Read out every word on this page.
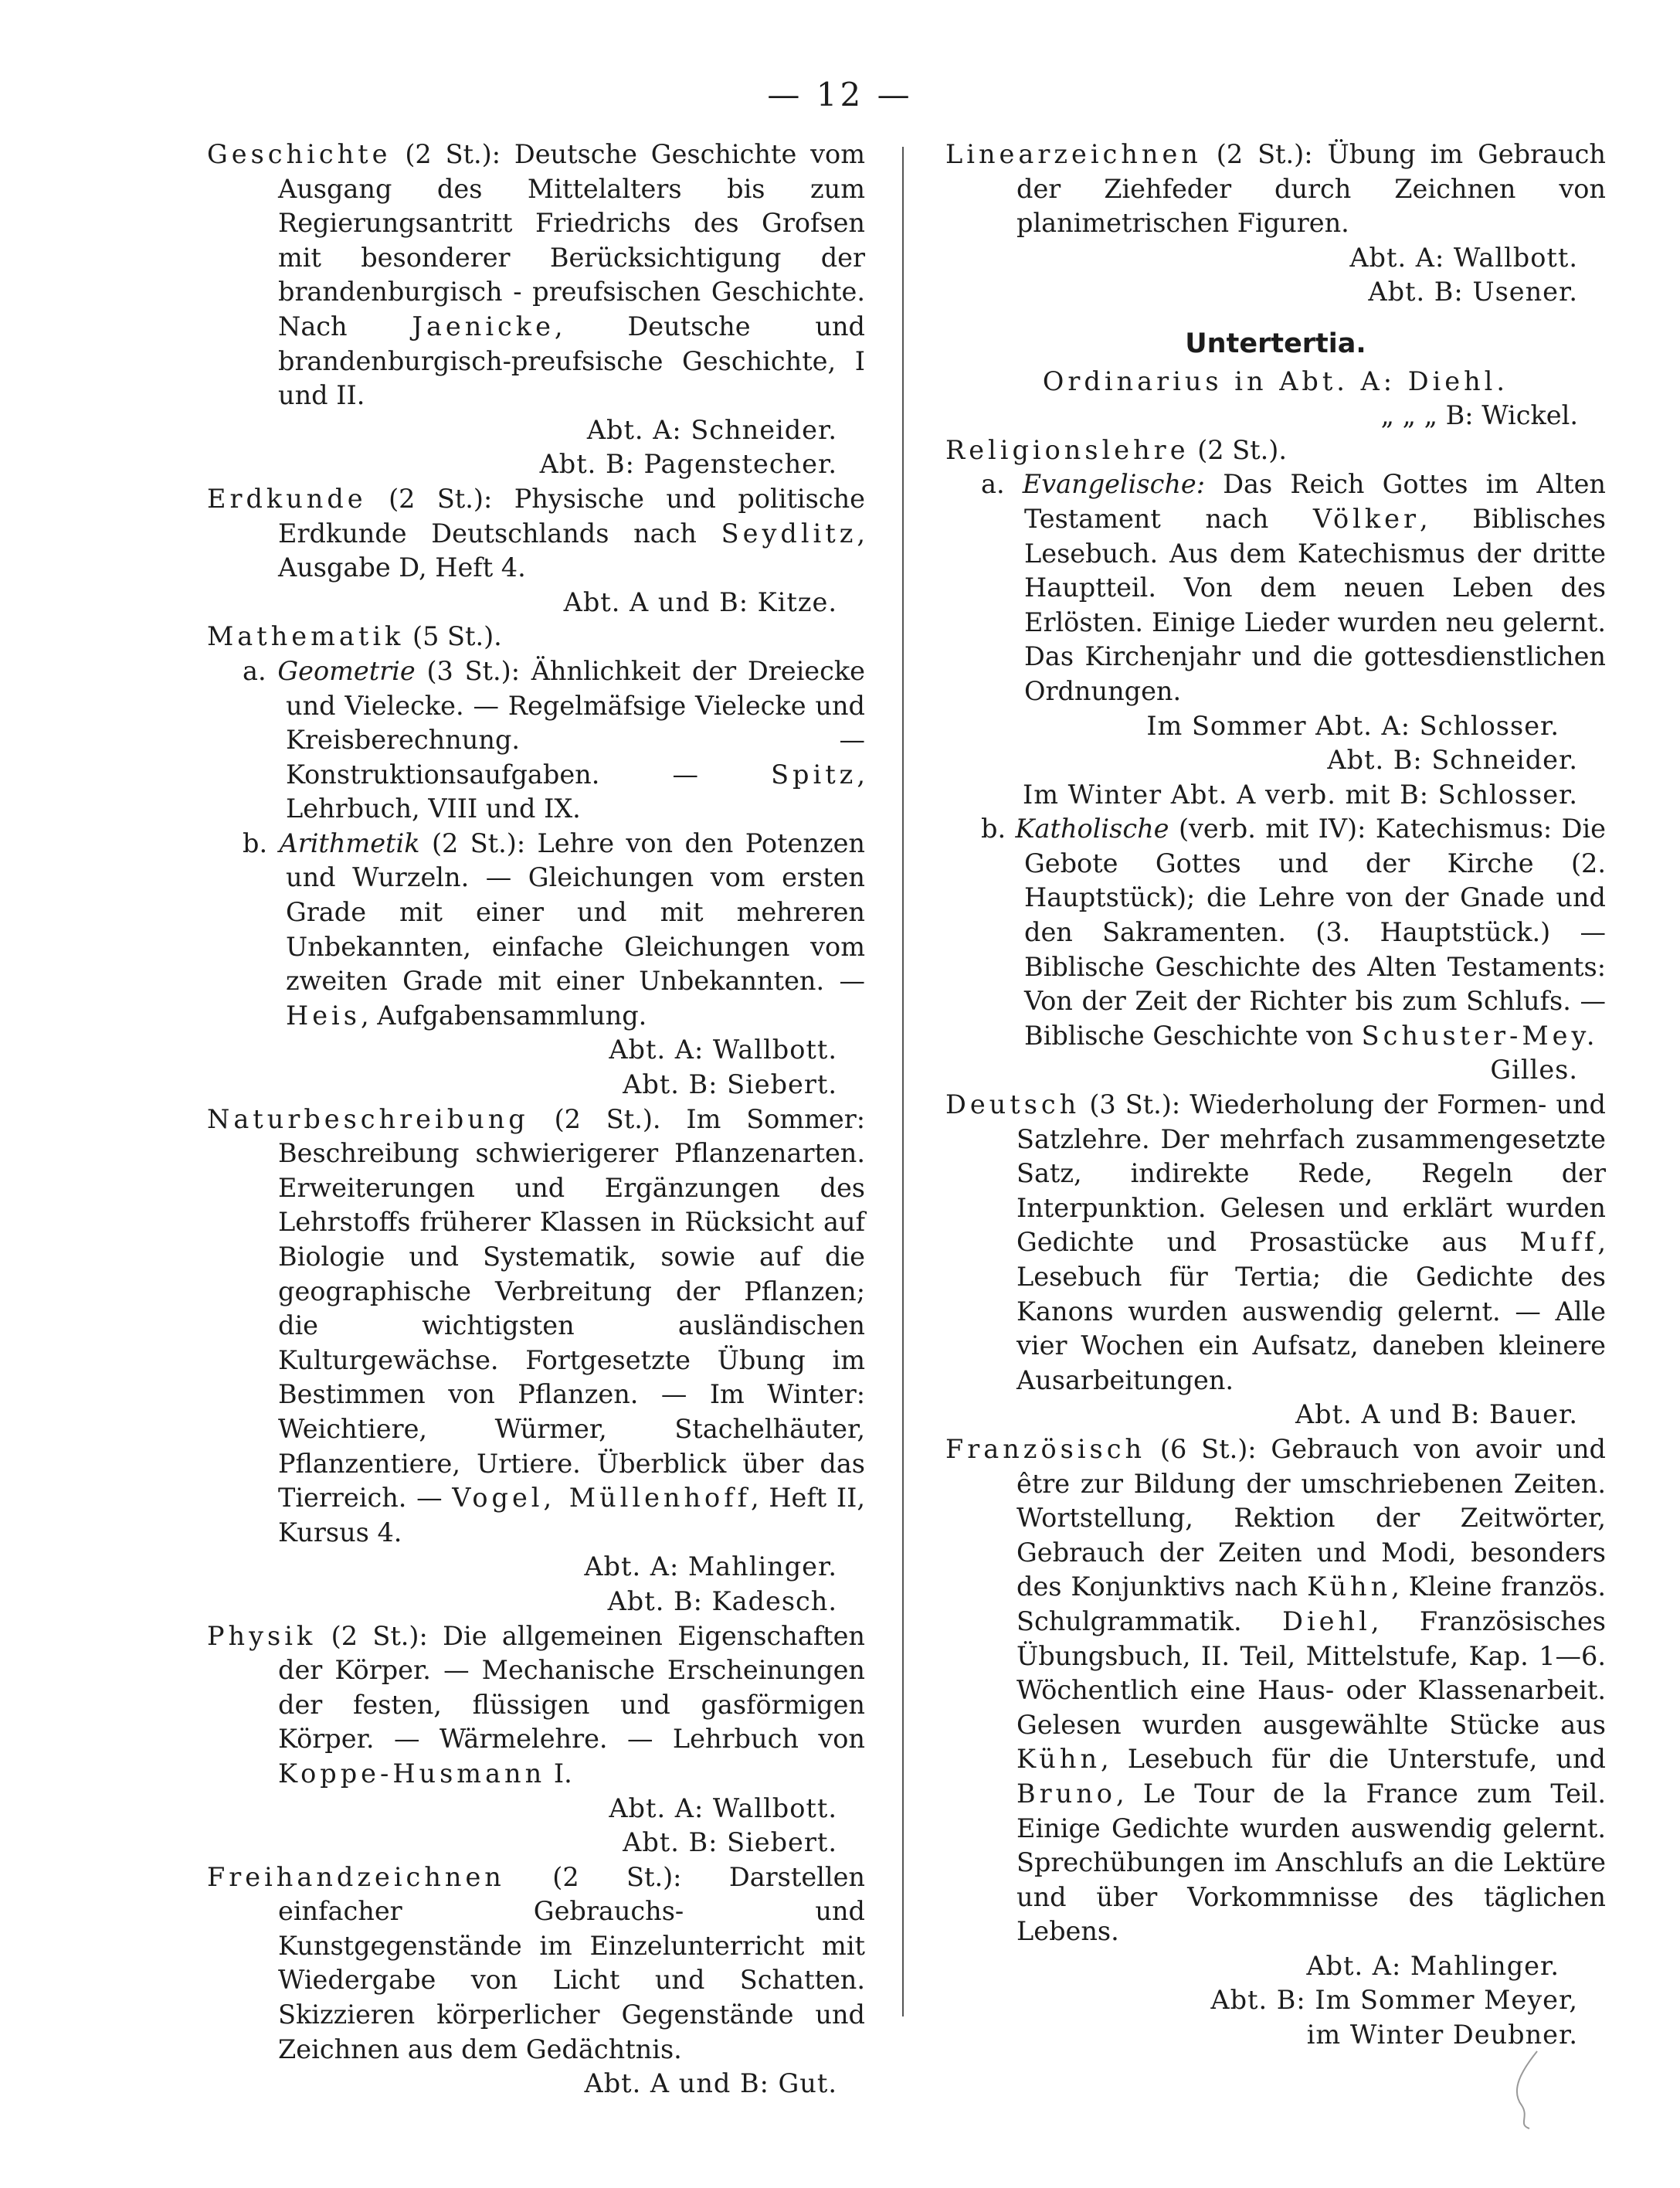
— 12 —
Geschichte (2 St.): Deutsche Geschichte vom Ausgang des Mittelalters bis zum Regierungsantritt Friedrichs des Grofsen mit besonderer Berücksichtigung der brandenburgisch - preufsischen Geschichte. Nach	Jaenicke, Deutsche und brandenburgisch-preufsische Geschichte, I und II.
Abt. A: Schneider.
Abt. B: Pagenstecher.
Erdkunde (2 St.): Physische und politische Erdkunde Deutschlands nach Seydlitz, Ausgabe D, Heft 4.
Abt. A und B: Kitze.
Mathematik (5 St.).
a. Geometrie (3 St.): Ähnlichkeit der Dreiecke und Vielecke. — Regelmäfsige Vielecke und Kreisberechnung. — Konstruktionsaufgaben. —	Spitz, Lehrbuch, VIII und IX.
b. Arithmetik (2 St.): Lehre von den Potenzen und Wurzeln. — Gleichungen vom ersten Grade mit einer und mit mehreren Unbekannten, einfache Gleichungen vom zweiten Grade mit einer Unbekannten. — Heis, Aufgabensammlung.
Abt. A: Wallbott.
Abt. B: Siebert.
Naturbeschreibung (2 St.). Im Sommer: Beschreibung schwierigerer Pflanzenarten. Erweiterungen und Ergänzungen des Lehrstoffs früherer Klassen in Rücksicht auf Biologie und Systematik, sowie auf die geographische Verbreitung der Pflanzen; die wichtigsten ausländischen Kulturgewächse. Fortgesetzte Übung im Bestimmen von Pflanzen. — Im Winter: Weichtiere, Würmer, Stachelhäuter, Pflanzentiere, Urtiere. Überblick über das Tierreich. — Vogel, Müllenhoff, Heft II, Kursus 4.
Abt. A: Mahlinger.
Abt. B: Kadesch.
Physik (2 St.): Die allgemeinen Eigenschaften der Körper. — Mechanische Erscheinungen der festen, flüssigen und gasförmigen Körper. — Wärmelehre. — Lehrbuch von Koppe-Husmann I.
Abt. A: Wallbott.
Abt. B: Siebert.
Freihandzeichnen (2 St.): Darstellen einfacher Gebrauchs- und Kunstgegenstände im Einzelunterricht mit Wiedergabe von Licht und Schatten. Skizzieren körperlicher Gegenstände und Zeichnen aus dem Gedächtnis.
Abt. A und B: Gut.
Linearzeichnen (2 St.): Übung im Gebrauch der Ziehfeder durch Zeichnen von planimetrischen Figuren.
Abt. A: Wallbott.
Abt. B: Usener.
Untertertia.
Ordinarius in Abt. A: Diehl.
„ „ „ B: Wickel.
Religionslehre (2 St.).
a. Evangelische: Das Reich Gottes im Alten Testament nach Völker, Biblisches Lesebuch. Aus dem Katechismus der dritte Hauptteil. Von dem neuen Leben des Erlösten. Einige Lieder wurden neu gelernt. Das Kirchenjahr und die gottesdienstlichen Ordnungen.
Im Sommer Abt. A: Schlosser.
Abt. B: Schneider.
Im Winter Abt. A verb. mit B: Schlosser.
b. Katholische (verb. mit IV): Katechismus: Die Gebote Gottes und der Kirche (2. Hauptstück); die Lehre von der Gnade und den Sakramenten. (3. Hauptstück.) — Biblische Geschichte des Alten Testaments: Von der Zeit der Richter bis zum Schlufs. — Biblische Geschichte von Schuster-Mey.
Gilles.
Deutsch (3 St.): Wiederholung der Formen- und Satzlehre. Der mehrfach zusammengesetzte Satz, indirekte Rede, Regeln der Interpunktion. Gelesen und erklärt wurden Gedichte und Prosastücke aus Muff, Lesebuch für Tertia; die Gedichte des Kanons wurden auswendig gelernt. — Alle vier Wochen ein Aufsatz, daneben kleinere Ausarbeitungen.
Abt. A und B: Bauer.
Französisch (6 St.): Gebrauch von avoir und être zur Bildung der umschriebenen Zeiten. Wortstellung, Rektion der Zeitwörter, Gebrauch der Zeiten und Modi, besonders des Konjunktivs nach Kühn, Kleine französ. Schulgrammatik. Diehl, Französisches Übungsbuch, II. Teil, Mittelstufe, Kap. 1—6. Wöchentlich eine Haus- oder Klassenarbeit. Gelesen wurden ausgewählte Stücke aus Kühn, Lesebuch für die Unterstufe, und Bruno, Le Tour de la France zum Teil. Einige Gedichte wurden auswendig gelernt. Sprechübungen im Anschlufs an die Lektüre und über Vorkommnisse des täglichen Lebens.
Abt. A: Mahlinger.
Abt. B: Im Sommer Meyer,
im Winter Deubner.
